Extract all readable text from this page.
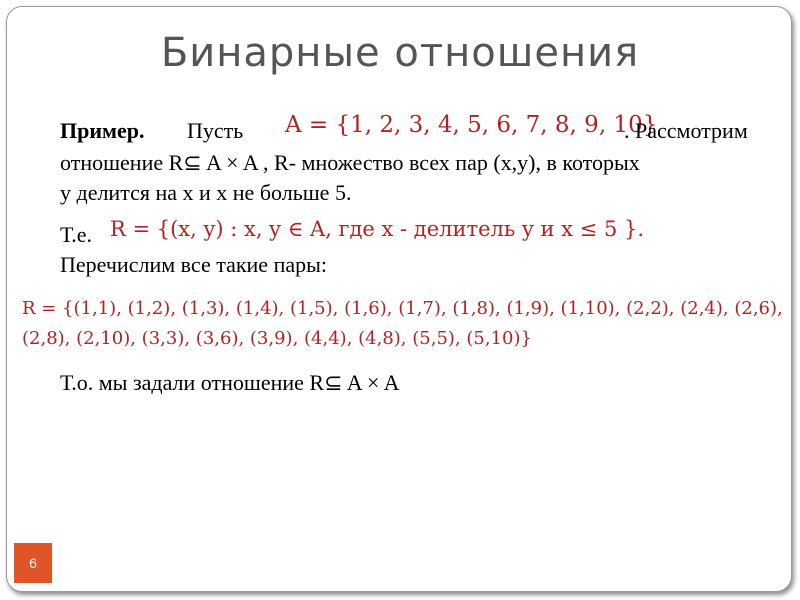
Бинарные отношения
Пример. Пусть A = {1, 2, 3, 4, 5, 6, 7, 8, 9, 10}
. Рассмотрим
отношение R⊆ A × A , R- множество всех пар (x,y), в которых
у делится на x и x не больше 5.
Т.е. R = {(x, y) : x, y ∈ A, где x - делитель y и x ≤ 5 }.
Перечислим все такие пары:
R = {(1,1), (1,2), (1,3), (1,4), (1,5), (1,6), (1,7), (1,8), (1,9), (1,10), (2,2), (2,4), (2,6),
(2,8), (2,10), (3,3), (3,6), (3,9), (4,4), (4,8), (5,5), (5,10)}
Т.о. мы задали отношение R⊆ A × A
6
